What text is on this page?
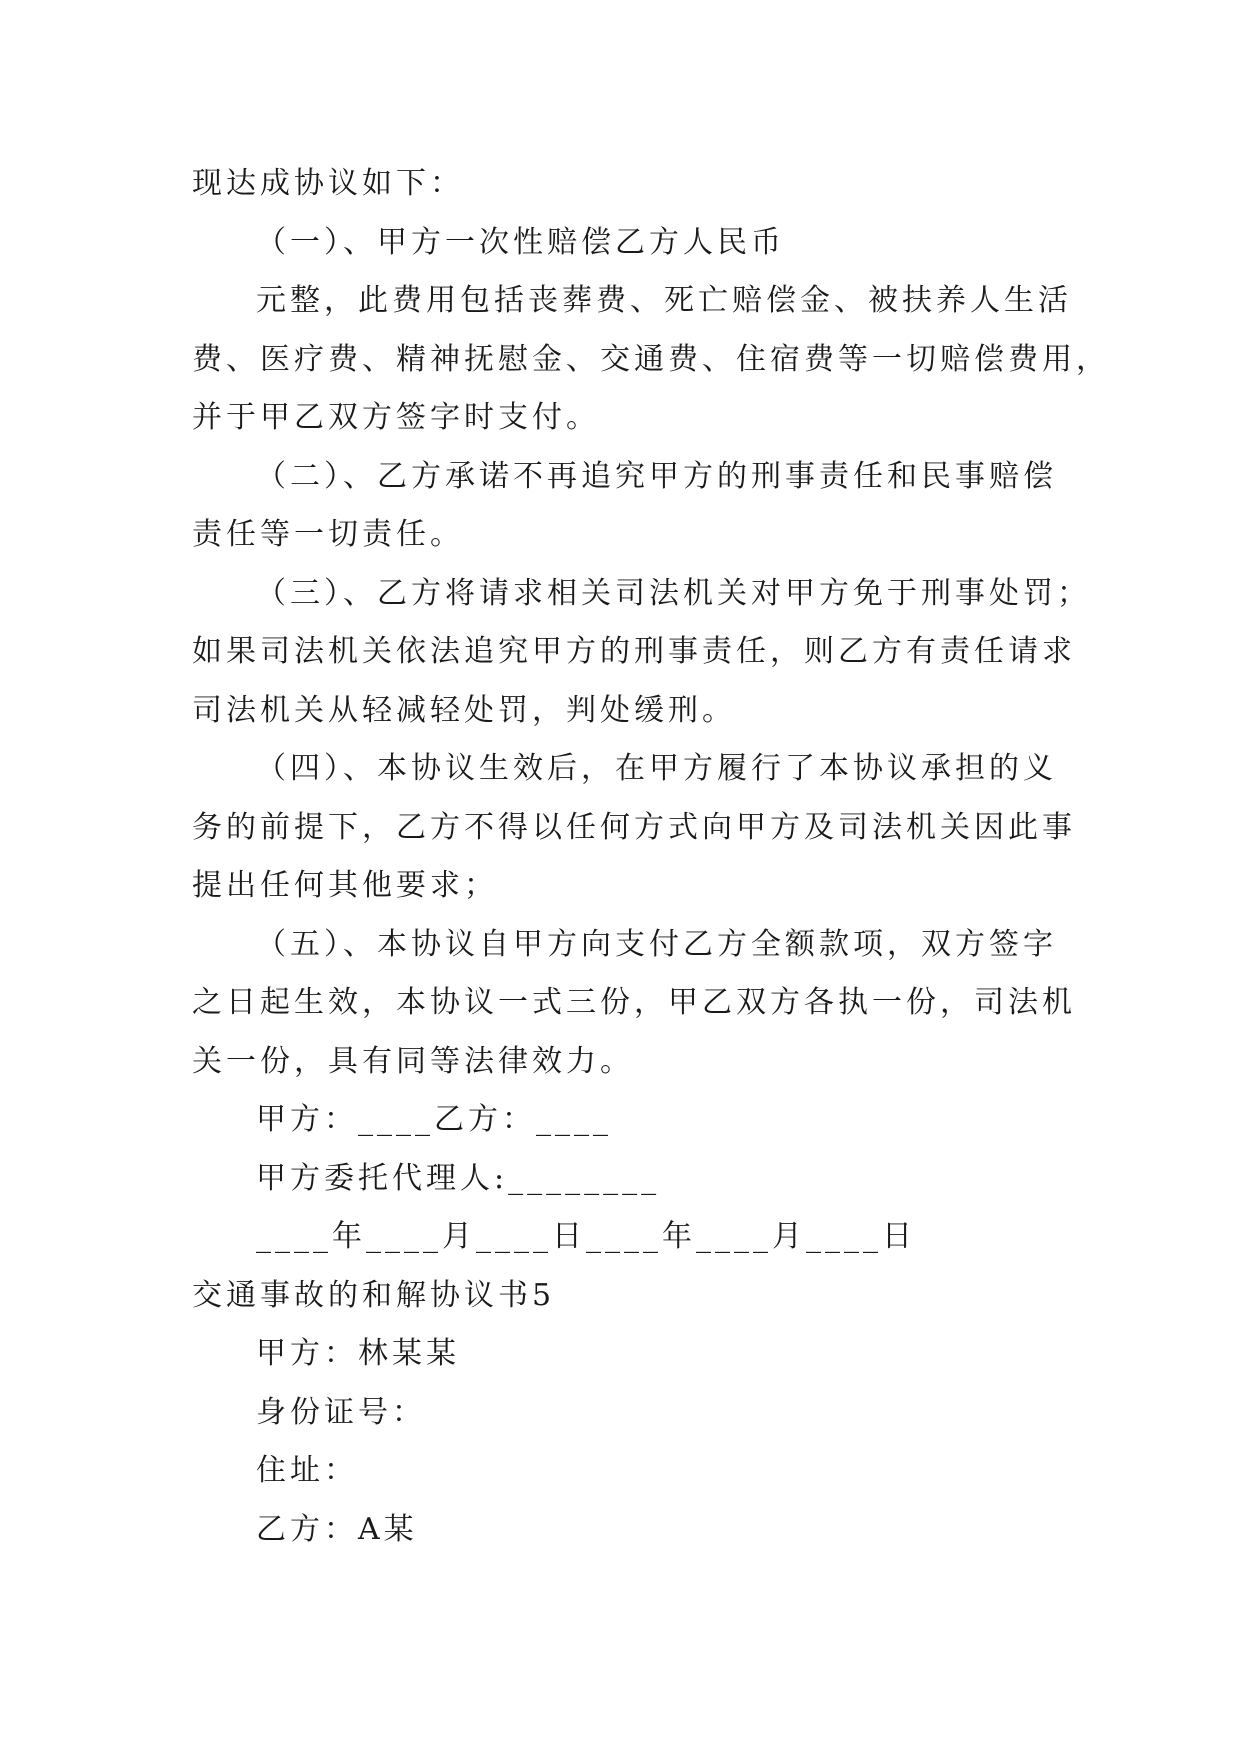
现达成协议如下：
（一）、甲方一次性赔偿乙方人民币
元整，此费用包括丧葬费、死亡赔偿金、被扶养人生活
费、医疗费、精神抚慰金、交通费、住宿费等一切赔偿费用，
并于甲乙双方签字时支付。
（二）、乙方承诺不再追究甲方的刑事责任和民事赔偿
责任等一切责任。
（三）、乙方将请求相关司法机关对甲方免于刑事处罚；
如果司法机关依法追究甲方的刑事责任，则乙方有责任请求
司法机关从轻减轻处罚，判处缓刑。
（四）、本协议生效后，在甲方履行了本协议承担的义
务的前提下，乙方不得以任何方式向甲方及司法机关因此事
提出任何其他要求；
（五）、本协议自甲方向支付乙方全额款项，双方签字
之日起生效，本协议一式三份，甲乙双方各执一份，司法机
关一份，具有同等法律效力。
甲方：____乙方：____
甲方委托代理人:________
____年____月____日____年____月____日
交通事故的和解协议书5
甲方：林某某
身份证号：
住址：
乙方：A某
